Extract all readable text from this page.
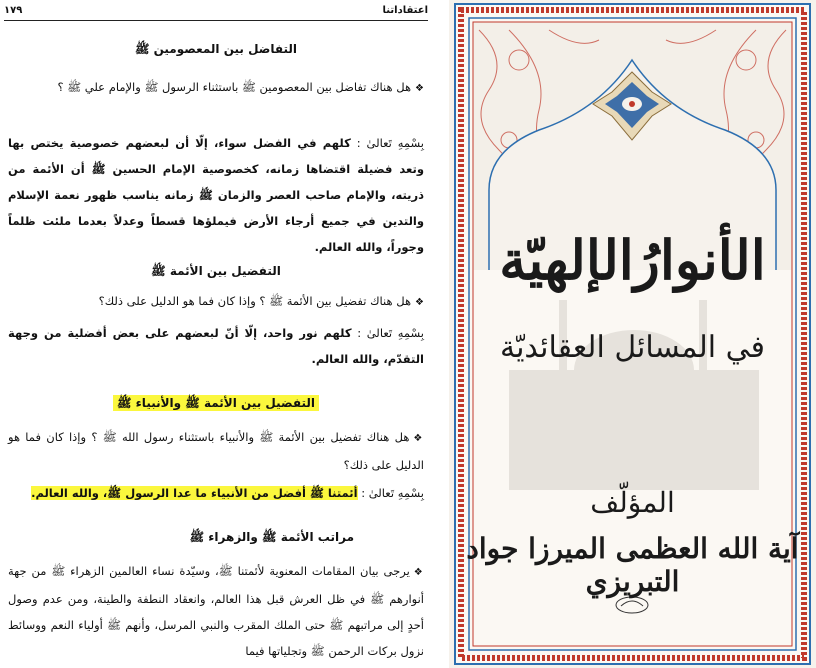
اعتقاداتنا
١٧٩
التفاضل بين المعصومين ﷺ
❖هل هناك تفاضل بين المعصومين ﷺ باستثناء الرسول ﷺ والإمام علي ﷺ ؟
بِسْمِهِ تَعالیٰ : كلهم في الفضل سواء، إلّا أن لبعضهم خصوصية يختص بها وتعد فضيلة اقتضاها زمانه، كخصوصية الإمام الحسين ﷺ أن الأئمة من ذريته، والإمام صاحب العصر والزمان ﷺ زمانه يناسب ظهور نعمة الإسلام والتدين في جميع أرجاء الأرض فيملؤها قسطاً وعدلاً بعدما ملئت ظلماً وجوراً، والله العالم.
التفضيل بين الأئمة ﷺ
❖هل هناك تفضيل بين الأئمة ﷺ ؟ وإذا كان فما هو الدليل على ذلك؟
بِسْمِهِ تَعالیٰ : كلهم نور واحد، إلّا أنّ لبعضهم على بعض أفضلية من وجهة التقدّم، والله العالم.
التفضيل بين الأئمة ﷺ والأنبياء ﷺ
❖هل هناك تفضيل بين الأئمة ﷺ والأنبياء باستثناء رسول الله ﷺ ؟ وإذا كان فما هو الدليل على ذلك؟
بِسْمِهِ تَعالیٰ : أئمتنا ﷺ أفضل من الأنبياء ما عدا الرسول ﷺ، والله العالم.
مراتب الأئمة ﷺ والزهراء ﷺ
❖يرجى بيان المقامات المعنوية لأئمتنا ﷺ، وسيّدة نساء العالمين الزهراء ﷺ من جهة أنوارهم ﷺ في ظل العرش قبل هذا العالم، وانعقاد النطفة والطينة، ومن عدم وصول أحدٍ إلى مراتبهم ﷺ حتى الملك المقرب والنبي المرسل، وأنهم ﷺ أولياء النعم ووسائط نزول بركات الرحمن ﷺ وتجلياتها فيما
الأنوارُالإلهيّة
في المسائل العقائديّة
المؤلّف
آية الله العظمى الميرزا جواد التبريزي
